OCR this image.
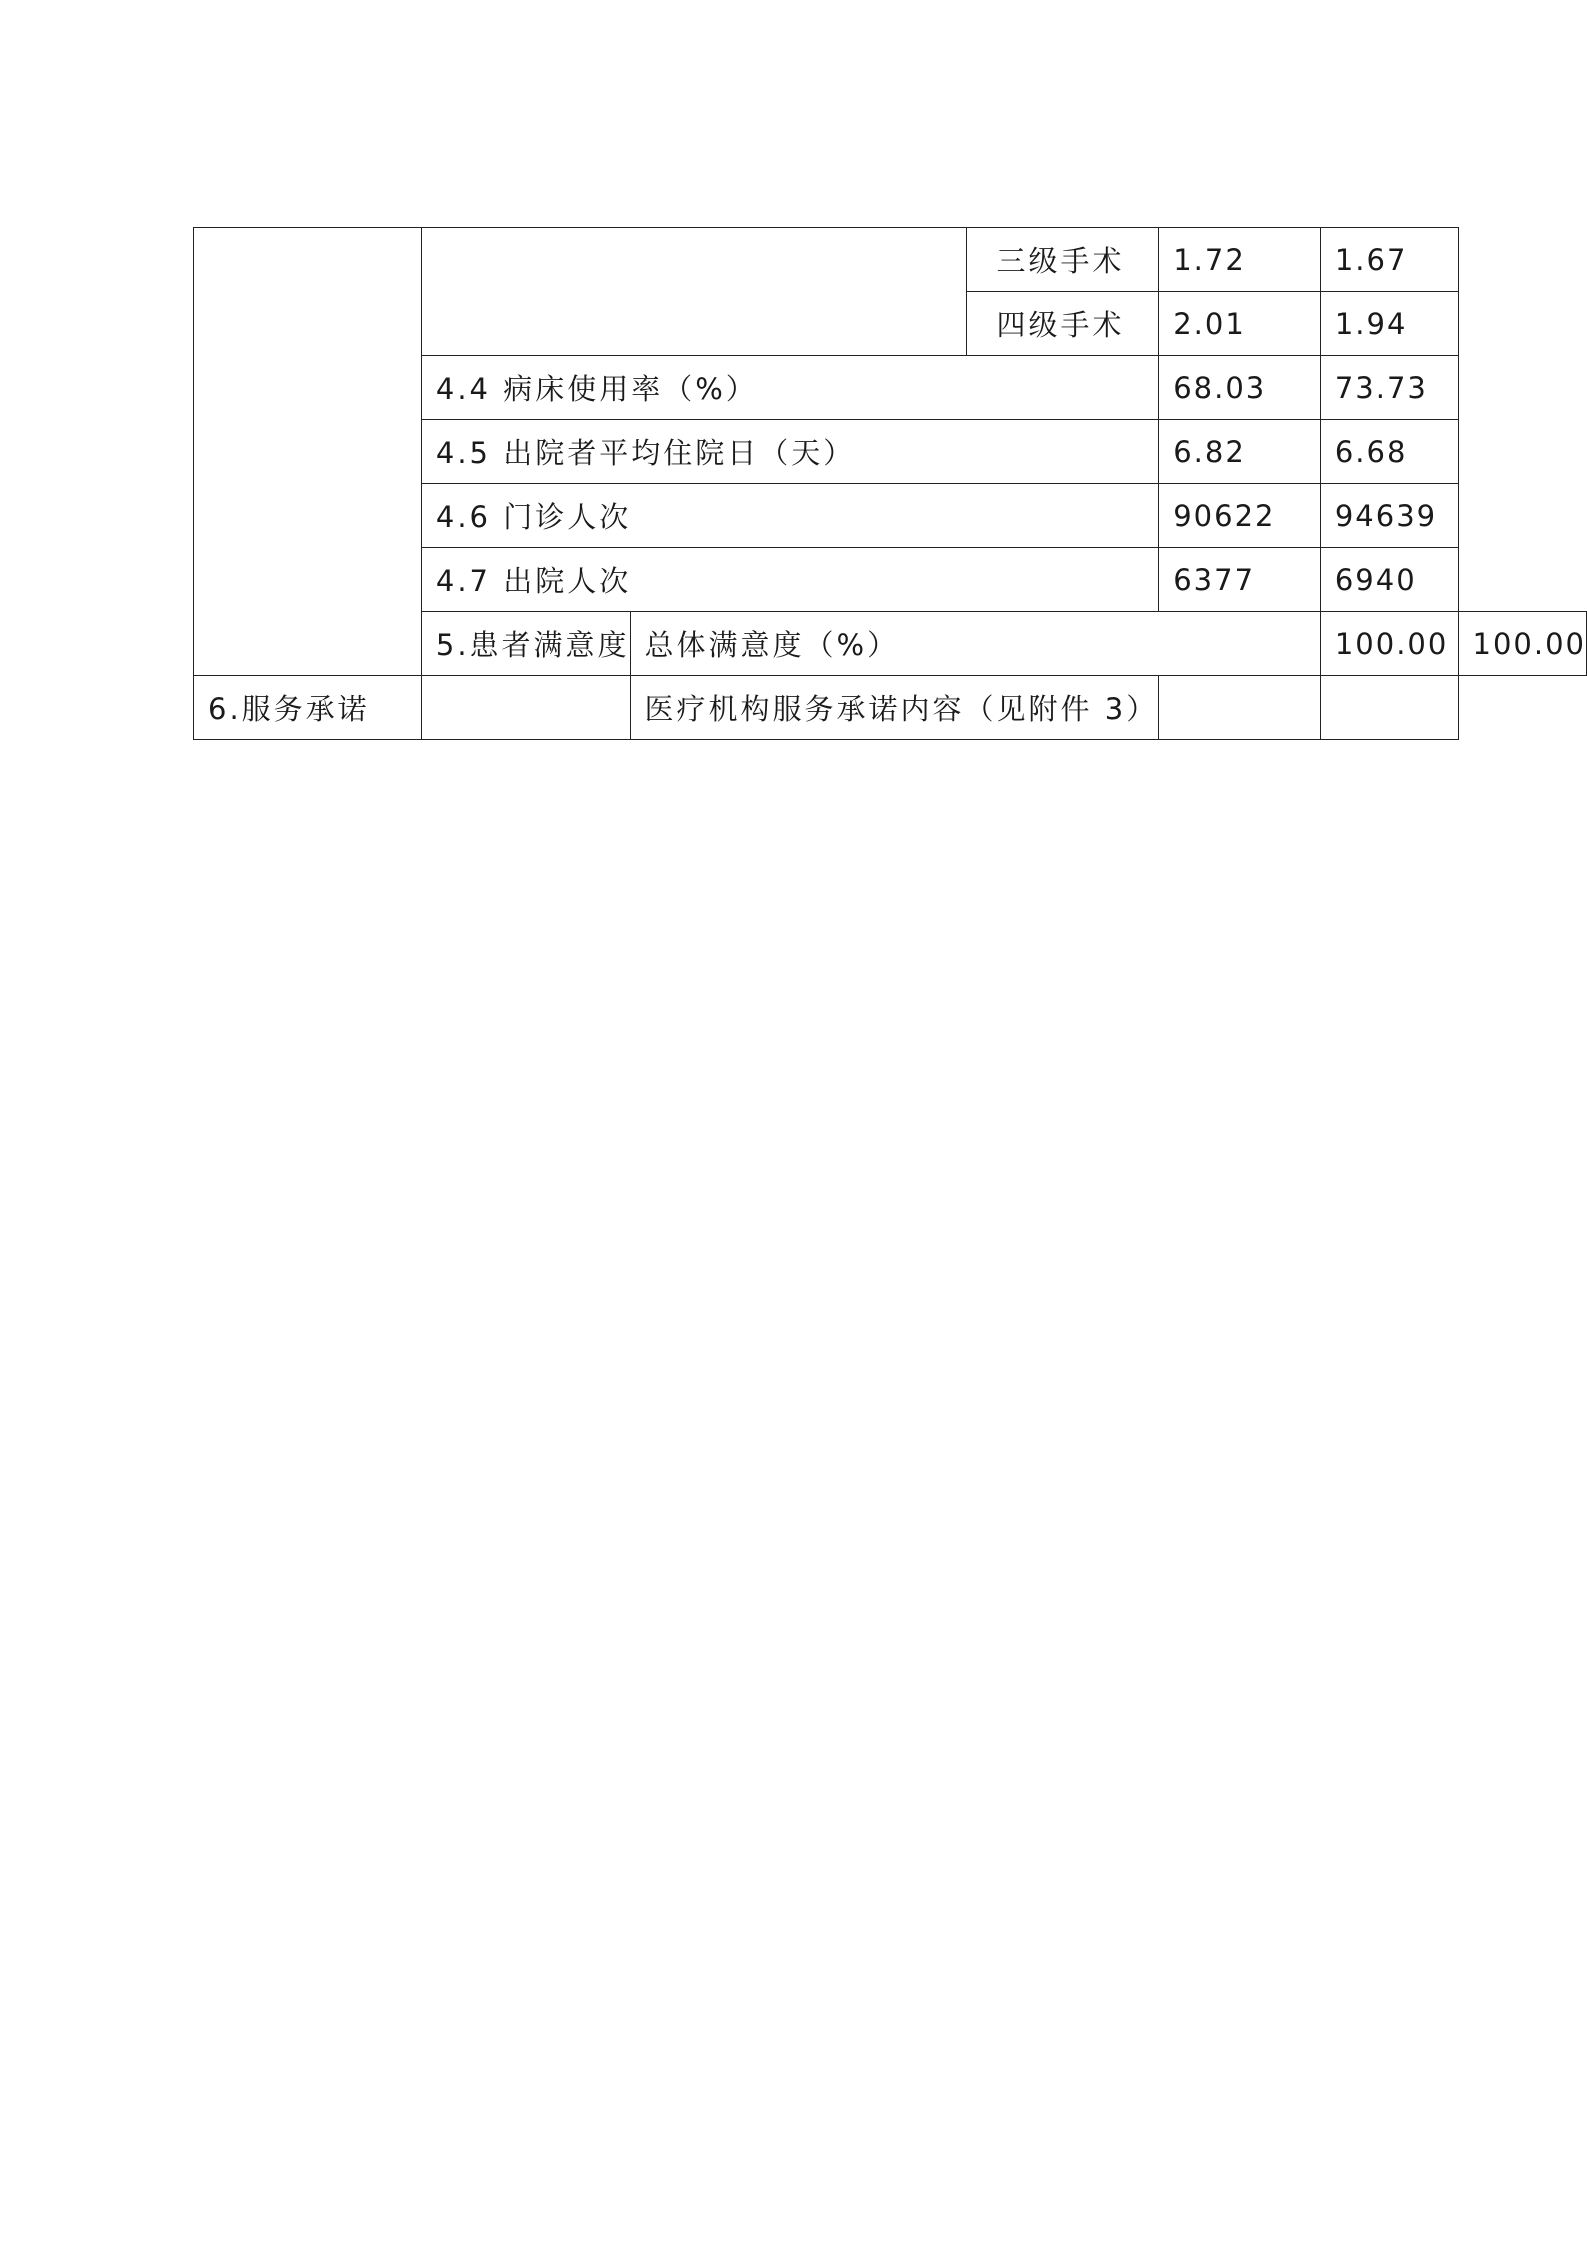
			三级手术	1.72	1.67	
			四级手术	2.01	1.94	
	4.4 病床使用率（%）			68.03	73.73	
	4.5 出院者平均住院日（天）			6.82	6.68	
	4.6 门诊人次			90622	94639	
	4.7 出院人次			6377	6940	
	5.患者满意度	总体满意度（%）			100.00	100.00
6.服务承诺		医疗机构服务承诺内容（见附件 3）				
